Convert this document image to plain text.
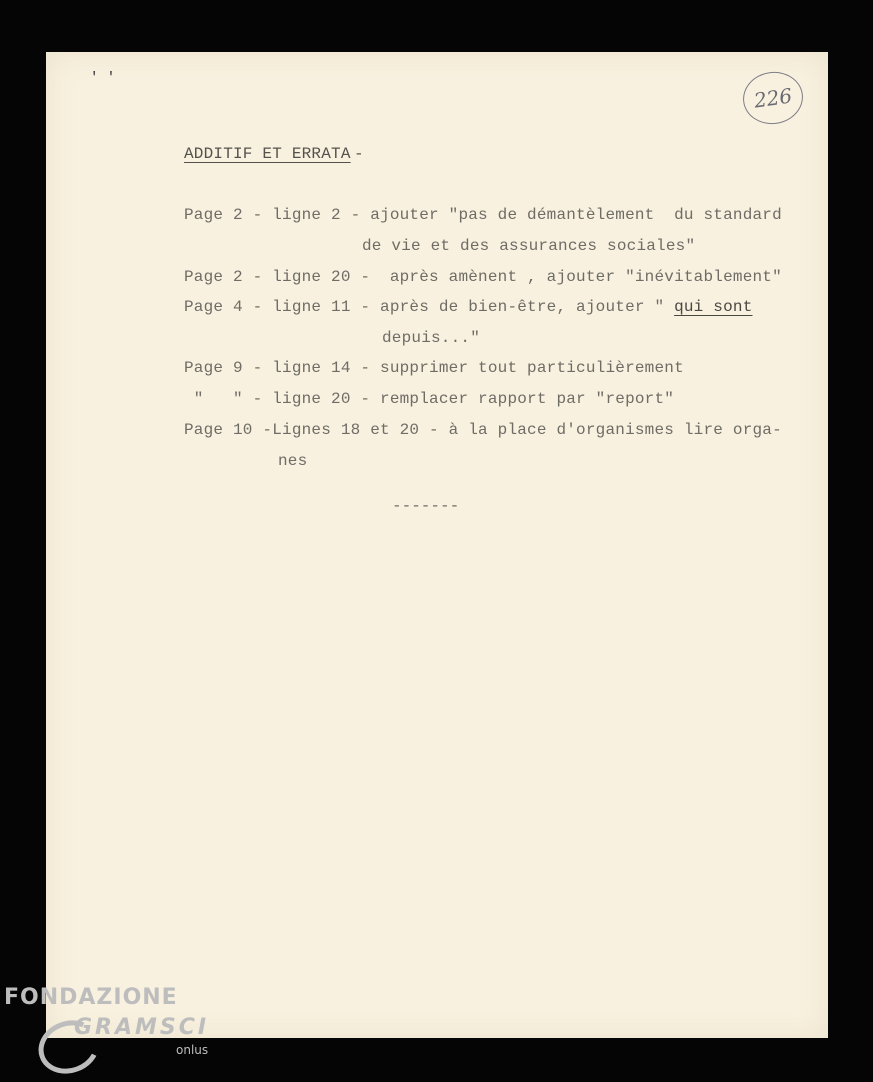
' '
226
ADDITIF ET ERRATA -
Page 2 - ligne 2 - ajouter "pas de démantèlement  du standard
de vie et des assurances sociales"
Page 2 - ligne 20 -  après amènent , ajouter "inévitablement"
Page 4 - ligne 11 - après de bien-être, ajouter " qui sont
depuis..."
Page 9 - ligne 14 - supprimer tout particulièrement
"   " - ligne 20 - remplacer rapport par "report"
Page 10 -Lignes 18 et 20 - à la place d'organismes lire orga-
nes
-------
FONDAZIONE
GRAMSCI
onlus
